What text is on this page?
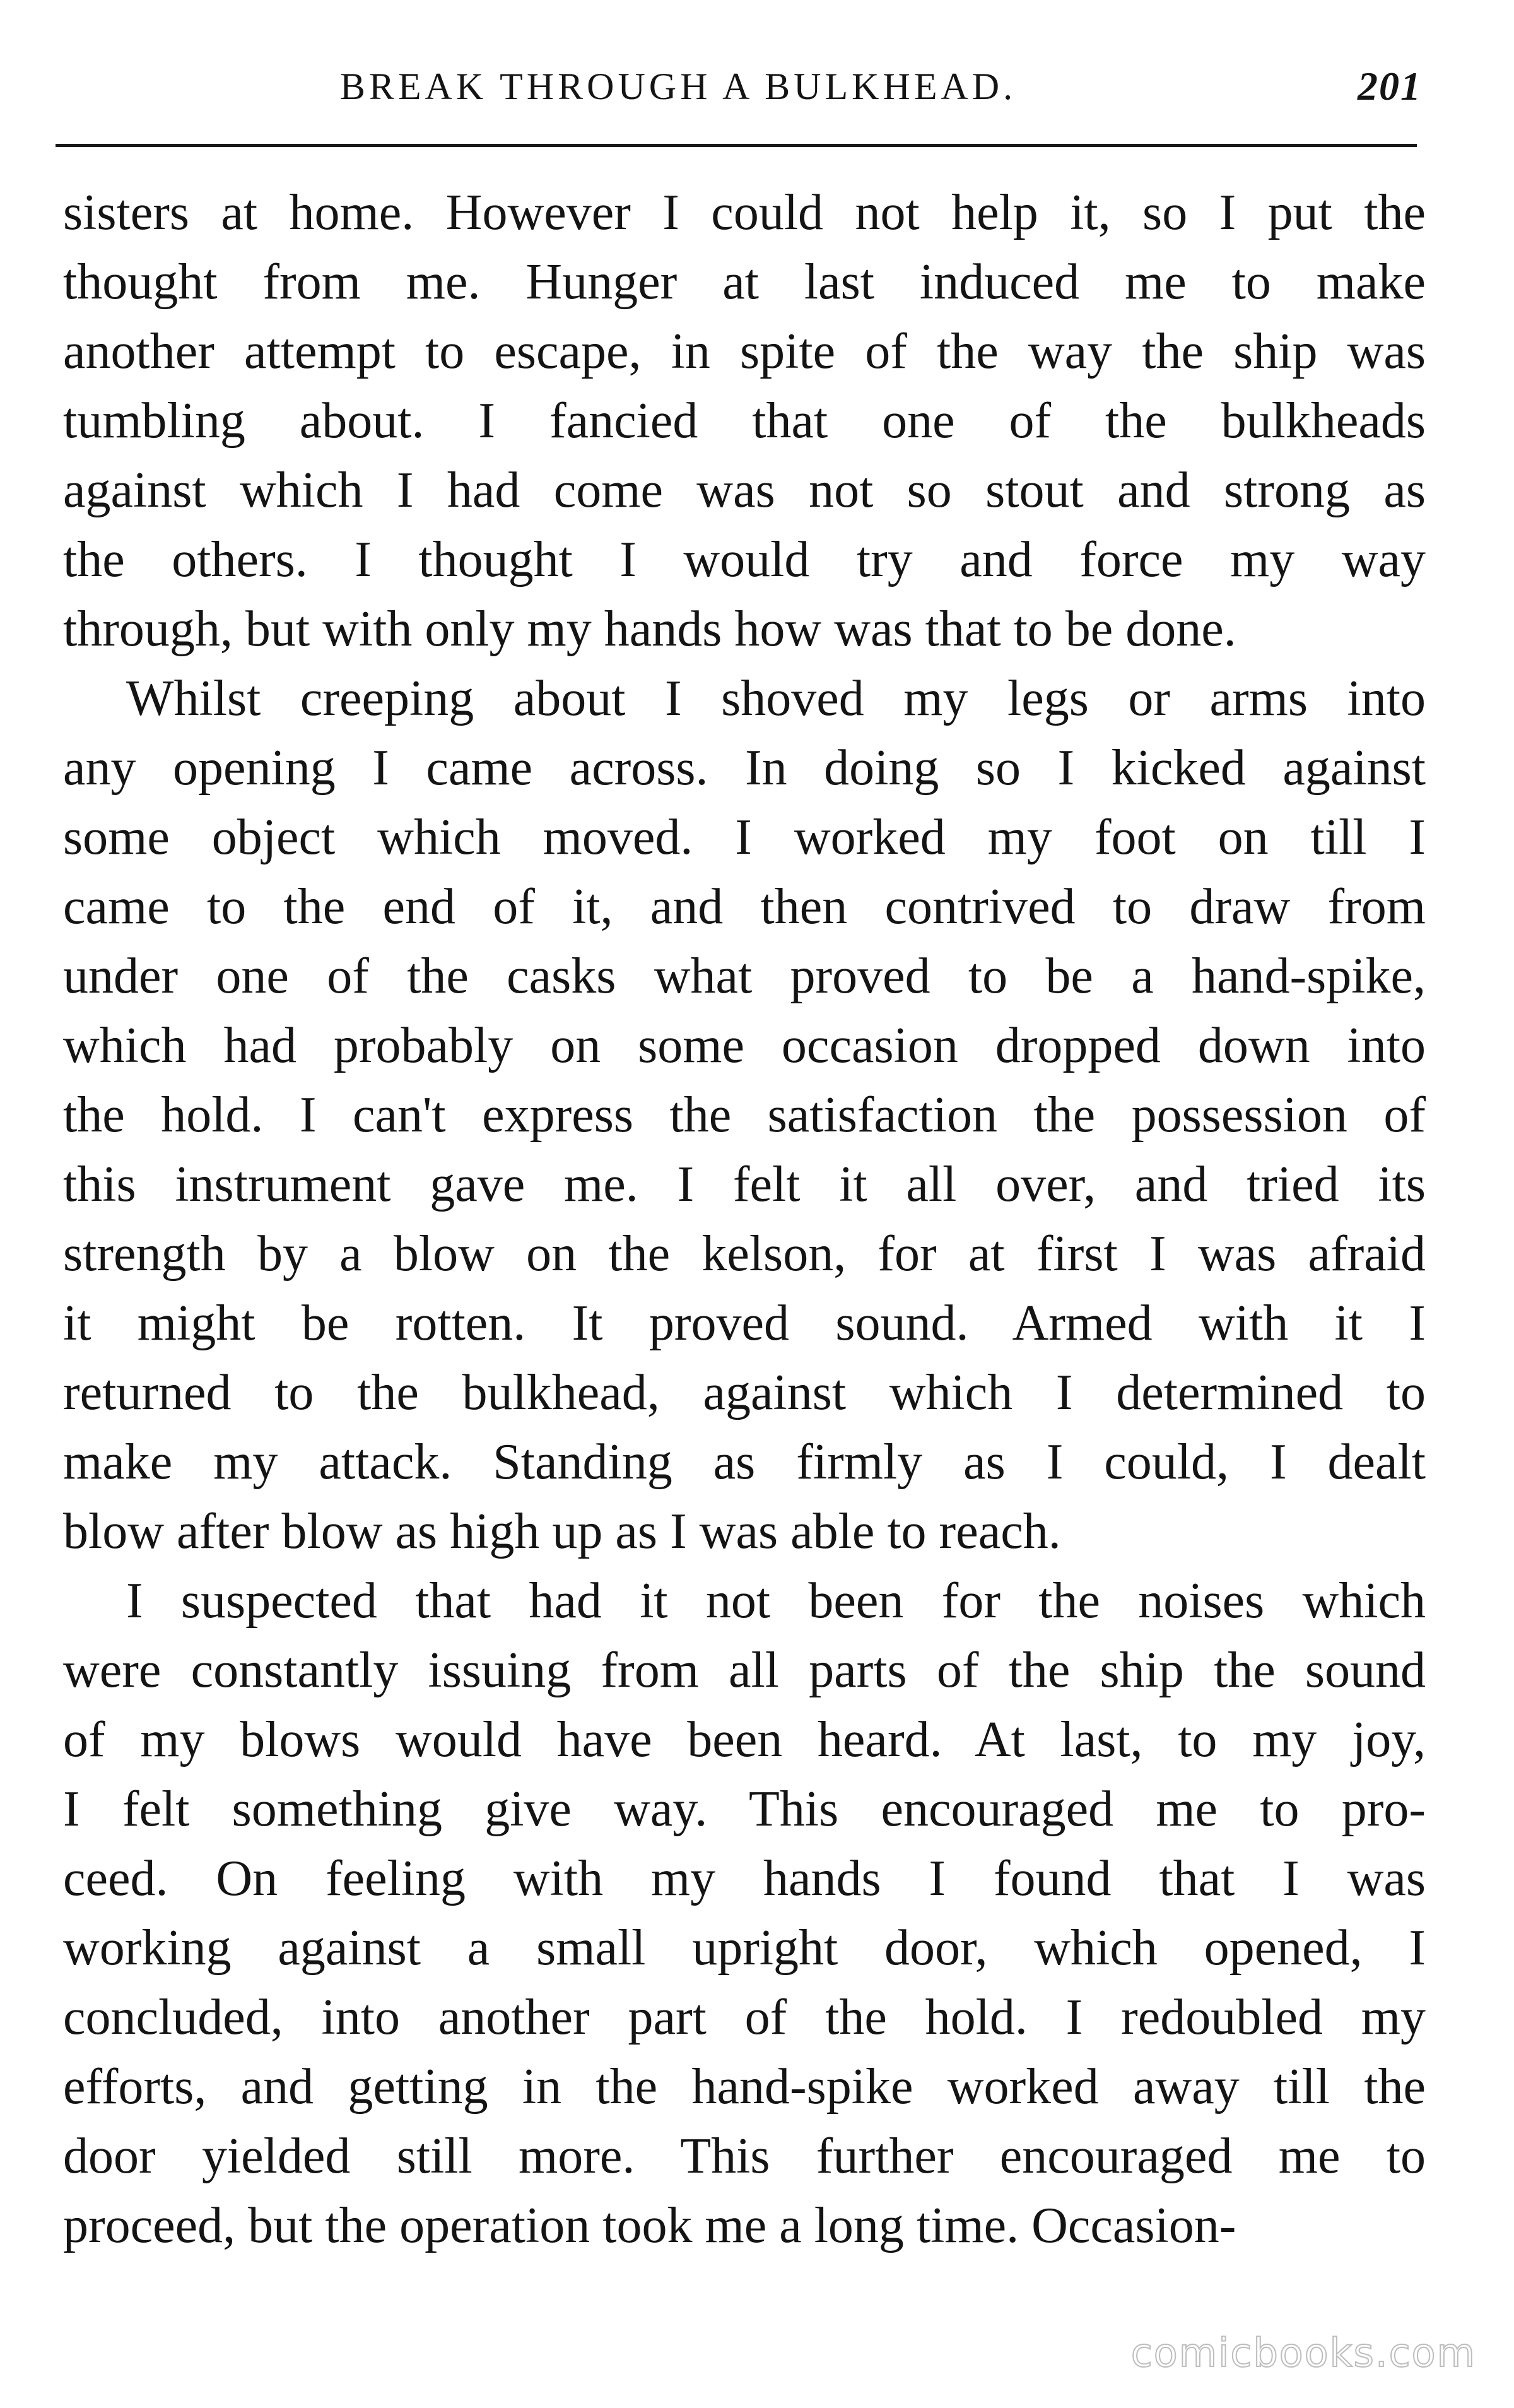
BREAK THROUGH A BULKHEAD.	201
sisters at home. However I could not help it, so I put the
thought from me. Hunger at last induced me to make
another attempt to escape, in spite of the way the ship was
tumbling about. I fancied that one of the bulkheads
against which I had come was not so stout and strong as
the others. I thought I would try and force my way
through, but with only my hands how was that to be done.
Whilst creeping about I shoved my legs or arms into
any opening I came across. In doing so I kicked against
some object which moved. I worked my foot on till I
came to the end of it, and then contrived to draw from
under one of the casks what proved to be a hand-spike,
which had probably on some occasion dropped down into
the hold. I can't express the satisfaction the possession of
this instrument gave me. I felt it all over, and tried its
strength by a blow on the kelson, for at first I was afraid
it might be rotten. It proved sound. Armed with it I
returned to the bulkhead, against which I determined to
make my attack. Standing as firmly as I could, I dealt
blow after blow as high up as I was able to reach.
I suspected that had it not been for the noises which
were constantly issuing from all parts of the ship the sound
of my blows would have been heard. At last, to my joy,
I felt something give way. This encouraged me to pro-
ceed. On feeling with my hands I found that I was
working against a small upright door, which opened, I
concluded, into another part of the hold. I redoubled my
efforts, and getting in the hand-spike worked away till the
door yielded still more. This further encouraged me to
proceed, but the operation took me a long time. Occasion-
comicbooks.com
